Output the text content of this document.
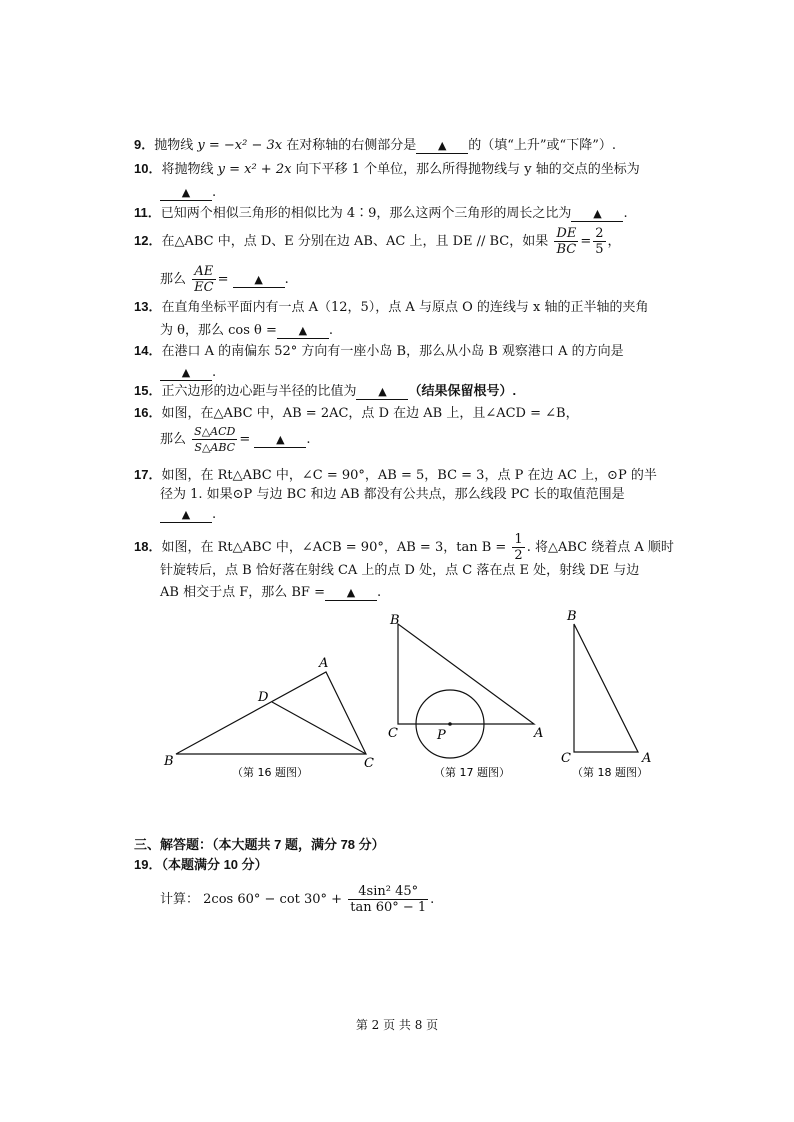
9．抛物线 y = −x² − 3x 在对称轴的右侧部分是 ▲ 的（填“上升”或“下降”）.
10．将抛物线 y = x² + 2x 向下平移 1 个单位，那么所得抛物线与 y 轴的交点的坐标为
▲ .
11．已知两个相似三角形的相似比为 4∶9，那么这两个三角形的周长之比为 ▲ .
12．在△ABC 中，点 D、E 分别在边 AB、AC 上，且 DE // BC，如果 $\frac{DE}{BC} = \frac{2}{5}$ ，
那么 $\frac{AE}{EC}$ = ▲ .
13．在直角坐标平面内有一点 A（12，5），点 A 与原点 O 的连线与 x 轴的正半轴的夹角
为 θ，那么 cos θ = ▲ .
14．在港口 A 的南偏东 52° 方向有一座小岛 B，那么从小岛 B 观察港口 A 的方向是
▲ .
15．正六边形的边心距与半径的比值为 ▲ （结果保留根号）.
16．如图，在△ABC 中，AB = 2AC，点 D 在边 AB 上，且∠ACD = ∠B，
那么 $\frac{\text{S△ACD}}{\text{S△ABC}}$ = ▲ .
17．如图，在 Rt△ABC 中，∠C = 90°，AB = 5，BC = 3，点 P 在边 AC 上，⊙P 的半
径为 1. 如果⊙P 与边 BC 和边 AB 都没有公共点，那么线段 PC 长的取值范围是
▲ .
18．如图，在 Rt△ABC 中，∠ACB = 90°，AB = 3，$\tan B = \frac{1}{2}$ . 将△ABC 绕着点 A 顺时
针旋转后，点 B 恰好落在射线 CA 上的点 D 处，点 C 落在点 E 处，射线 DE 与边
AB 相交于点 F，那么 BF = ▲ .
A
B	C
D
（第 16 题图）
B
C	A
P
（第 17 题图）
B
C	A
（第 18 题图）
三、解答题：（本大题共 7 题，满分 78 分）
19．（本题满分 10 分）
计算： 2cos $60^\circ - \cot 30^\circ + \frac{\text{4sin² 45°}}{\tan 60^\circ - 1}$ .
第 2 页 共 8 页
